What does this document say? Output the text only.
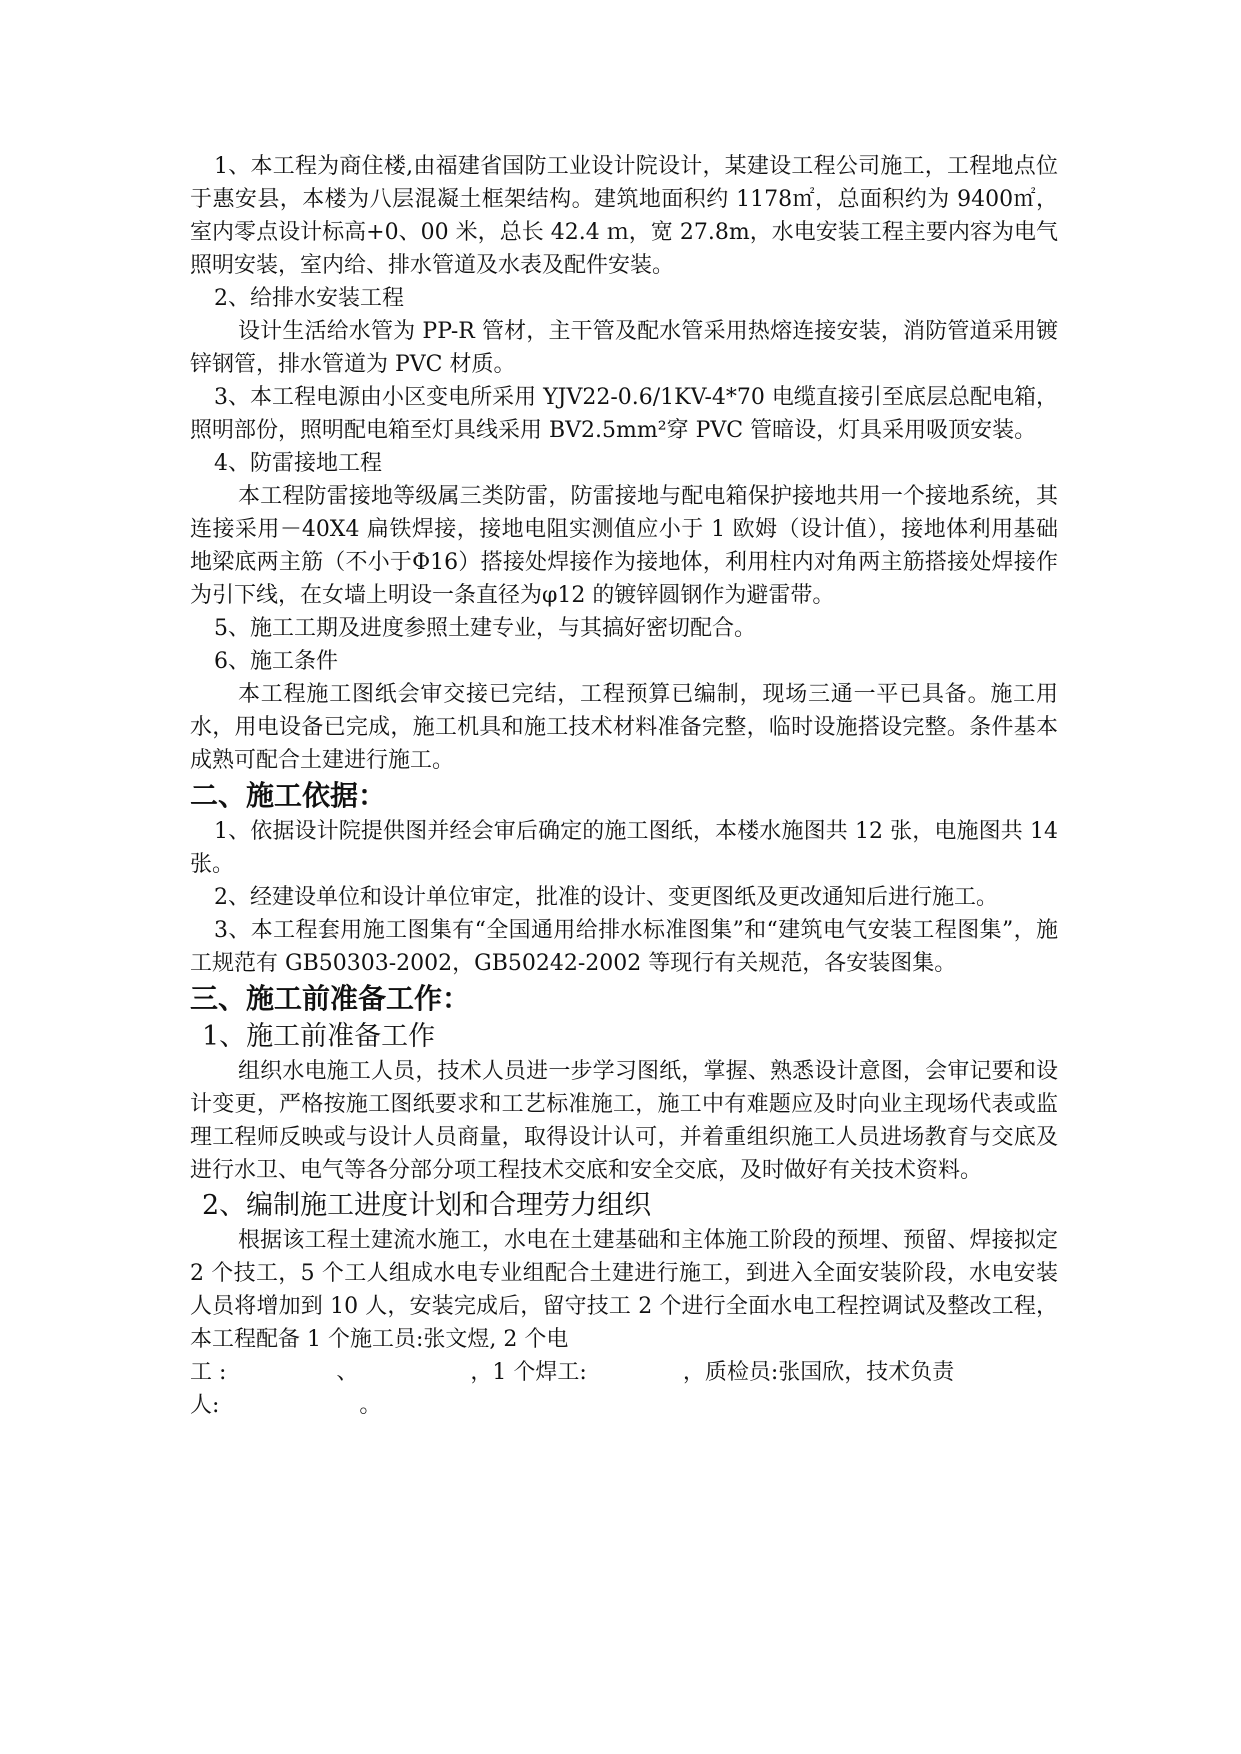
1、本工程为商住楼,由福建省国防工业设计院设计，某建设工程公司施工，工程地点位于惠安县，本楼为八层混凝土框架结构。建筑地面积约 1178㎡，总面积约为 9400㎡，室内零点设计标高+0、00 米，总长 42.4 ｍ，宽 27.8m，水电安装工程主要内容为电气照明安装，室内给、排水管道及水表及配件安装。

2、给排水安装工程

设计生活给水管为 PP-R 管材，主干管及配水管采用热熔连接安装，消防管道采用镀锌钢管，排水管道为 PVC 材质。

3、本工程电源由小区变电所采用 YJV22-0.6/1KV-4*70 电缆直接引至底层总配电箱，照明部份，照明配电箱至灯具线采用 BV2.5mm²穿 PVC 管暗设，灯具采用吸顶安装。

4、防雷接地工程

本工程防雷接地等级属三类防雷，防雷接地与配电箱保护接地共用一个接地系统，其连接采用－40X4 扁铁焊接，接地电阻实测值应小于 1 欧姆（设计值），接地体利用基础地梁底两主筋（不小于Φ16）搭接处焊接作为接地体，利用柱内对角两主筋搭接处焊接作为引下线，在女墙上明设一条直径为φ12 的镀锌圆钢作为避雷带。

5、施工工期及进度参照土建专业，与其搞好密切配合。

6、施工条件

本工程施工图纸会审交接已完结，工程预算已编制，现场三通一平已具备。施工用水，用电设备已完成，施工机具和施工技术材料准备完整，临时设施搭设完整。条件基本成熟可配合土建进行施工。

二、施工依据：

1、依据设计院提供图并经会审后确定的施工图纸，本楼水施图共 12 张，电施图共 14 张。

2、经建设单位和设计单位审定，批准的设计、变更图纸及更改通知后进行施工。

3、本工程套用施工图集有“全国通用给排水标准图集”和“建筑电气安装工程图集”，施工规范有 GB50303-2002，GB50242-2002 等现行有关规范，各安装图集。

三、施工前准备工作：

1、施工前准备工作

组织水电施工人员，技术人员进一步学习图纸，掌握、熟悉设计意图，会审记要和设计变更，严格按施工图纸要求和工艺标准施工，施工中有难题应及时向业主现场代表或监理工程师反映或与设计人员商量，取得设计认可，并着重组织施工人员进场教育与交底及进行水卫、电气等各分部分项工程技术交底和安全交底，及时做好有关技术资料。

2、编制施工进度计划和合理劳力组织

根据该工程土建流水施工，水电在土建基础和主体施工阶段的预埋、预留、焊接拟定 2 个技工，5 个工人组成水电专业组配合土建进行施工，到进入全面安装阶段，水电安装人员将增加到 10 人，安装完成后，留守技工 2 个进行全面水电工程控调试及整改工程，本工程配备 1 个施工员:张文煜, 2 个电

工 :	、	，1 个焊工:	，质检员:张国欣，技术负责

人:	。
